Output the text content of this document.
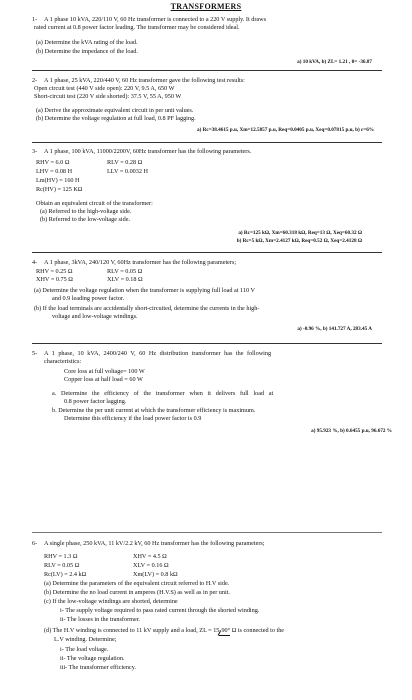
TRANSFORMERS
1- A 1 phase 10 kVA, 220/110 V, 60 Hz transformer is connected to a 220 V supply. It draws
rated current at 0.8 power factor leading. The transformer may be considered ideal.
(a) Determine the kVA rating of the load.
(b) Determine the impedance of the load.
a) 10 kVA, b) ZL= 1.21 , θ= -36.87
2- A 1 phase, 25 kVA, 220/440 V, 60 Hz transformer gave the following test results:
Open circuit test (440 V side open): 220 V, 9.5 A, 650 W
Short-circuit test (220 V side shorted): 37.5 V, 55 A, 950 W
(a) Derive the approximate equivalent circuit in per unit values.
(b) Determine the voltage regulation at full load, 0.8 PF lagging.
a) Rc=38.4615 p.u, Xm=12.5857 p.u, Req=0.0405 p.u, Xeq=0.07815 p.u, b) ε=6%
3- A 1 phase, 100 kVA, 11000/2200V, 60Hz transformer has the following parameters.
RHV = 6.0 Ω	RLV = 0.28 Ω
LHV = 0.08 H	LLV = 0.0032 H
Lm(HV) = 160 H
Rc(HV) = 125 KΩ
Obtain an equivalent circuit of the transformer:
(a) Referred to the high-voltage side.
(b) Referred to the low-voltage side.
a) Rc=125 kΩ, Xm=60.318 kΩ, Req=13 Ω, Xeq=60.32 Ω
b) Rc=5 kΩ, Xm=2.4127 kΩ, Req=0.52 Ω, Xeq=2.4128 Ω
4- A 1 phase, 3kVA, 240/120 V, 60Hz transformer has the following parameters;
RHV = 0.25 Ω	RLV = 0.05 Ω
XHV = 0.75 Ω	XLV = 0.18 Ω
(a) Determine the voltage regulation when the transformer is supplying full load at 110 V
and 0.9 leading power factor.
(b) If the load terminals are accidentally short-circuited, determine the currents in the high-
voltage and low-voltage windings.
a) -0.96 %, b) 141.727 A, 283.45 A
5- A 1 phase, 10 kVA, 2400/240 V, 60 Hz distribution transformer has the following
characteristics:
Core loss at full voltage= 100 W
Copper loss at half load = 60 W
a. Determine the efficiency of the transformer when it delivers full load at
0.8 power factor lagging.
b. Determine the per unit current at which the transformer efficiency is maximum.
Determine this efficiency if the load power factor is 0.9
a) 95.923 %, b) 0.6455 p.u, 96.672 %
6- A single phase, 250 kVA, 11 kV/2.2 kV, 60 Hz transformer has the following parameters;
RHV = 1.3 Ω	XHV = 4.5 Ω
RLV = 0.05 Ω	XLV = 0.16 Ω
Rc(LV) = 2.4 kΩ	Xm(LV) = 0.8 kΩ
(a) Determine the parameters of the equivalent circuit referred to H.V side.
(b) Determine the no load current in amperes (H.V.S) as well as in per unit.
(c) If the low-voltage windings are shorted, determine
i- The supply voltage required to pass rated current through the shorted winding.
ii- The losses in the transformer.
(d) The H.V winding is connected to 11 kV supply and a load, ZL = 15-90° Ω is connected to the
L.V winding. Determine;
i- The load voltage.
ii- The voltage regulation.
iii- The transformer efficiency.
